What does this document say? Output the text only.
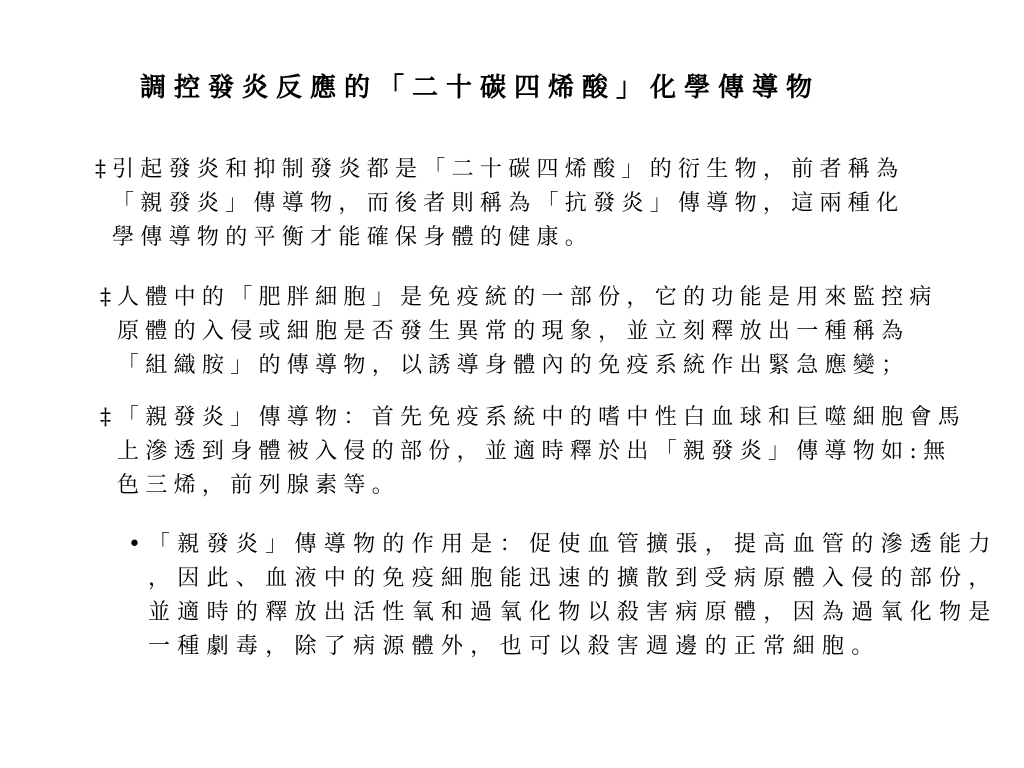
調控發炎反應的「二十碳四烯酸」化學傳導物
‡ 引起發炎和抑制發炎都是「二十碳四烯酸」的衍生物，前者稱為
「親發炎」傳導物，而後者則稱為「抗發炎」傳導物，這兩種化
學傳導物的平衡才能確保身體的健康。
‡ 人體中的「肥胖細胞」是免疫統的一部份，它的功能是用來監控病
原體的入侵或細胞是否發生異常的現象，並立刻釋放出一種稱為
「組織胺」的傳導物，以誘導身體內的免疫系統作出緊急應變；
‡ 「親發炎」傳導物：首先免疫系統中的嗜中性白血球和巨噬細胞會馬
上滲透到身體被入侵的部份，並適時釋於出「親發炎」傳導物如:無
色三烯，前列腺素等。
• 「親發炎」傳導物的作用是：促使血管擴張，提高血管的滲透能力
，因此、血液中的免疫細胞能迅速的擴散到受病原體入侵的部份，
並適時的釋放出活性氧和過氧化物以殺害病原體，因為過氧化物是
一種劇毒，除了病源體外，也可以殺害週邊的正常細胞。
